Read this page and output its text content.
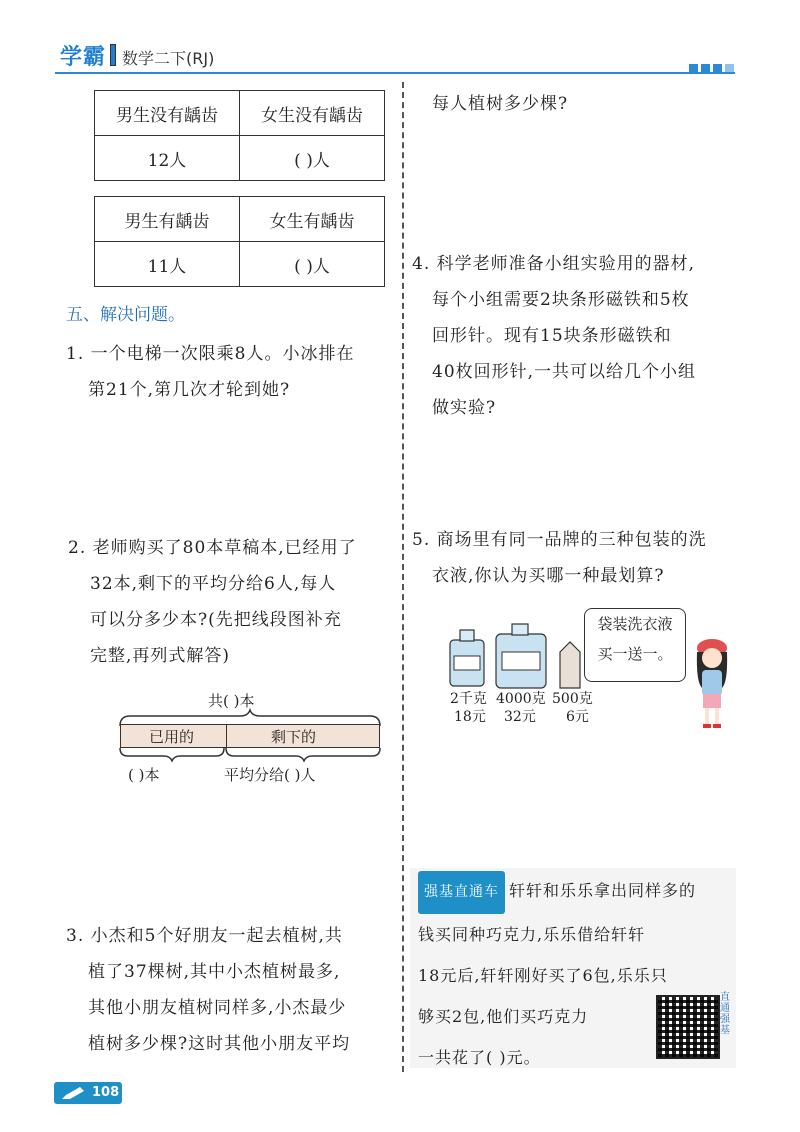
学霸 数学二下(RJ)
男生没有龋齿	女生没有龋齿
12人	( )人
男生有龋齿	女生有龋齿
11人	( )人
五、解决问题。
1. 一个电梯一次限乘8人。小冰排在
第21个,第几次才轮到她?
2. 老师购买了80本草稿本,已经用了
32本,剩下的平均分给6人,每人
可以分多少本?(先把线段图补充
完整,再列式解答)
共( )本
已用的	剩下的
( )本	平均分给( )人
3. 小杰和5个好朋友一起去植树,共
植了37棵树,其中小杰植树最多,
其他小朋友植树同样多,小杰最少
植树多少棵?这时其他小朋友平均
每人植树多少棵?
4. 科学老师准备小组实验用的器材,
每个小组需要2块条形磁铁和5枚
回形针。现有15块条形磁铁和
40枚回形针,一共可以给几个小组
做实验?
5. 商场里有同一品牌的三种包装的洗
衣液,你认为买哪一种最划算?
2千克
18元
4000克
32元
500克
6元
袋装洗衣液
买一送一。
强基直通车 轩轩和乐乐拿出同样多的
钱买同种巧克力,乐乐借给轩轩
18元后,轩轩刚好买了6包,乐乐只
够买2包,他们买巧克力
一共花了( )元。
直通强基
108
